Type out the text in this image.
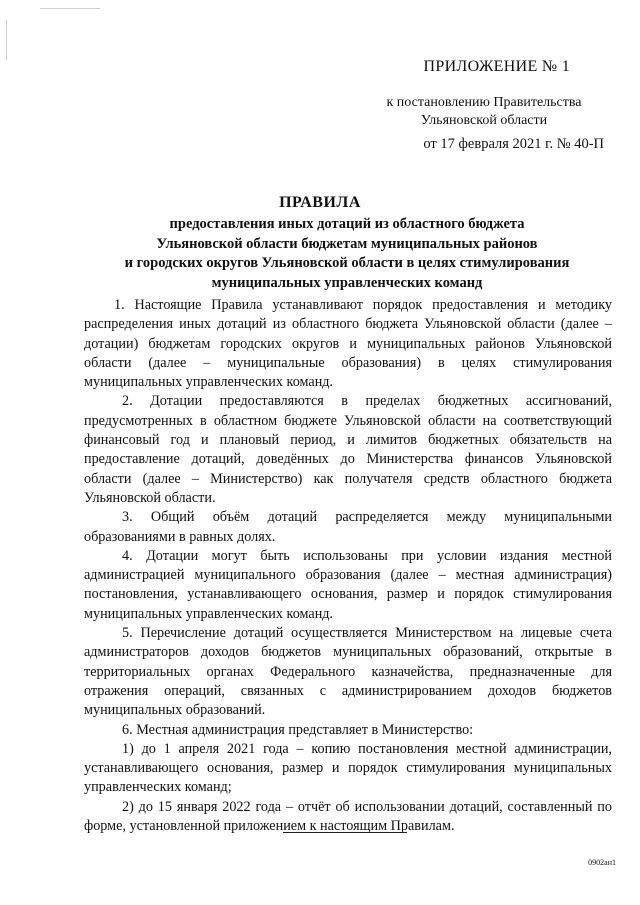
ПРИЛОЖЕНИЕ № 1
к постановлению Правительства
Ульяновской области
от 17 февраля 2021 г. № 40-П
ПРАВИЛА
предоставления иных дотаций из областного бюджета
Ульяновской области бюджетам муниципальных районов
и городских округов Ульяновской области в целях стимулирования
муниципальных управленческих команд

1. Настоящие Правила устанавливают порядок предоставления и методику распределения иных дотаций из областного бюджета Ульяновской области (далее – дотации) бюджетам городских округов и муниципальных районов Ульяновской области (далее – муниципальные образования) в целях стимулирования муниципальных управленческих команд.

2. Дотации предоставляются в пределах бюджетных ассигнований, предусмотренных в областном бюджете Ульяновской области на соответствующий финансовый год и плановый период, и лимитов бюджетных обязательств на предоставление дотаций, доведённых до Министерства финансов Ульяновской области (далее – Министерство) как получателя средств областного бюджета Ульяновской области.

3. Общий объём дотаций распределяется между муниципальными образованиями в равных долях.

4. Дотации могут быть использованы при условии издания местной администрацией муниципального образования (далее – местная администрация) постановления, устанавливающего основания, размер и порядок стимулирования муниципальных управленческих команд.

5. Перечисление дотаций осуществляется Министерством на лицевые счета администраторов доходов бюджетов муниципальных образований, открытые в территориальных органах Федерального казначейства, предназначенные для отражения операций, связанных с администрированием доходов бюджетов муниципальных образований.

6. Местная администрация представляет в Министерство:

1) до 1 апреля 2021 года – копию постановления местной администрации, устанавливающего основания, размер и порядок стимулирования муниципальных управленческих команд;

2) до 15 января 2022 года – отчёт об использовании дотаций, составленный по форме, установленной приложением к настоящим Правилам.

0902ан1
